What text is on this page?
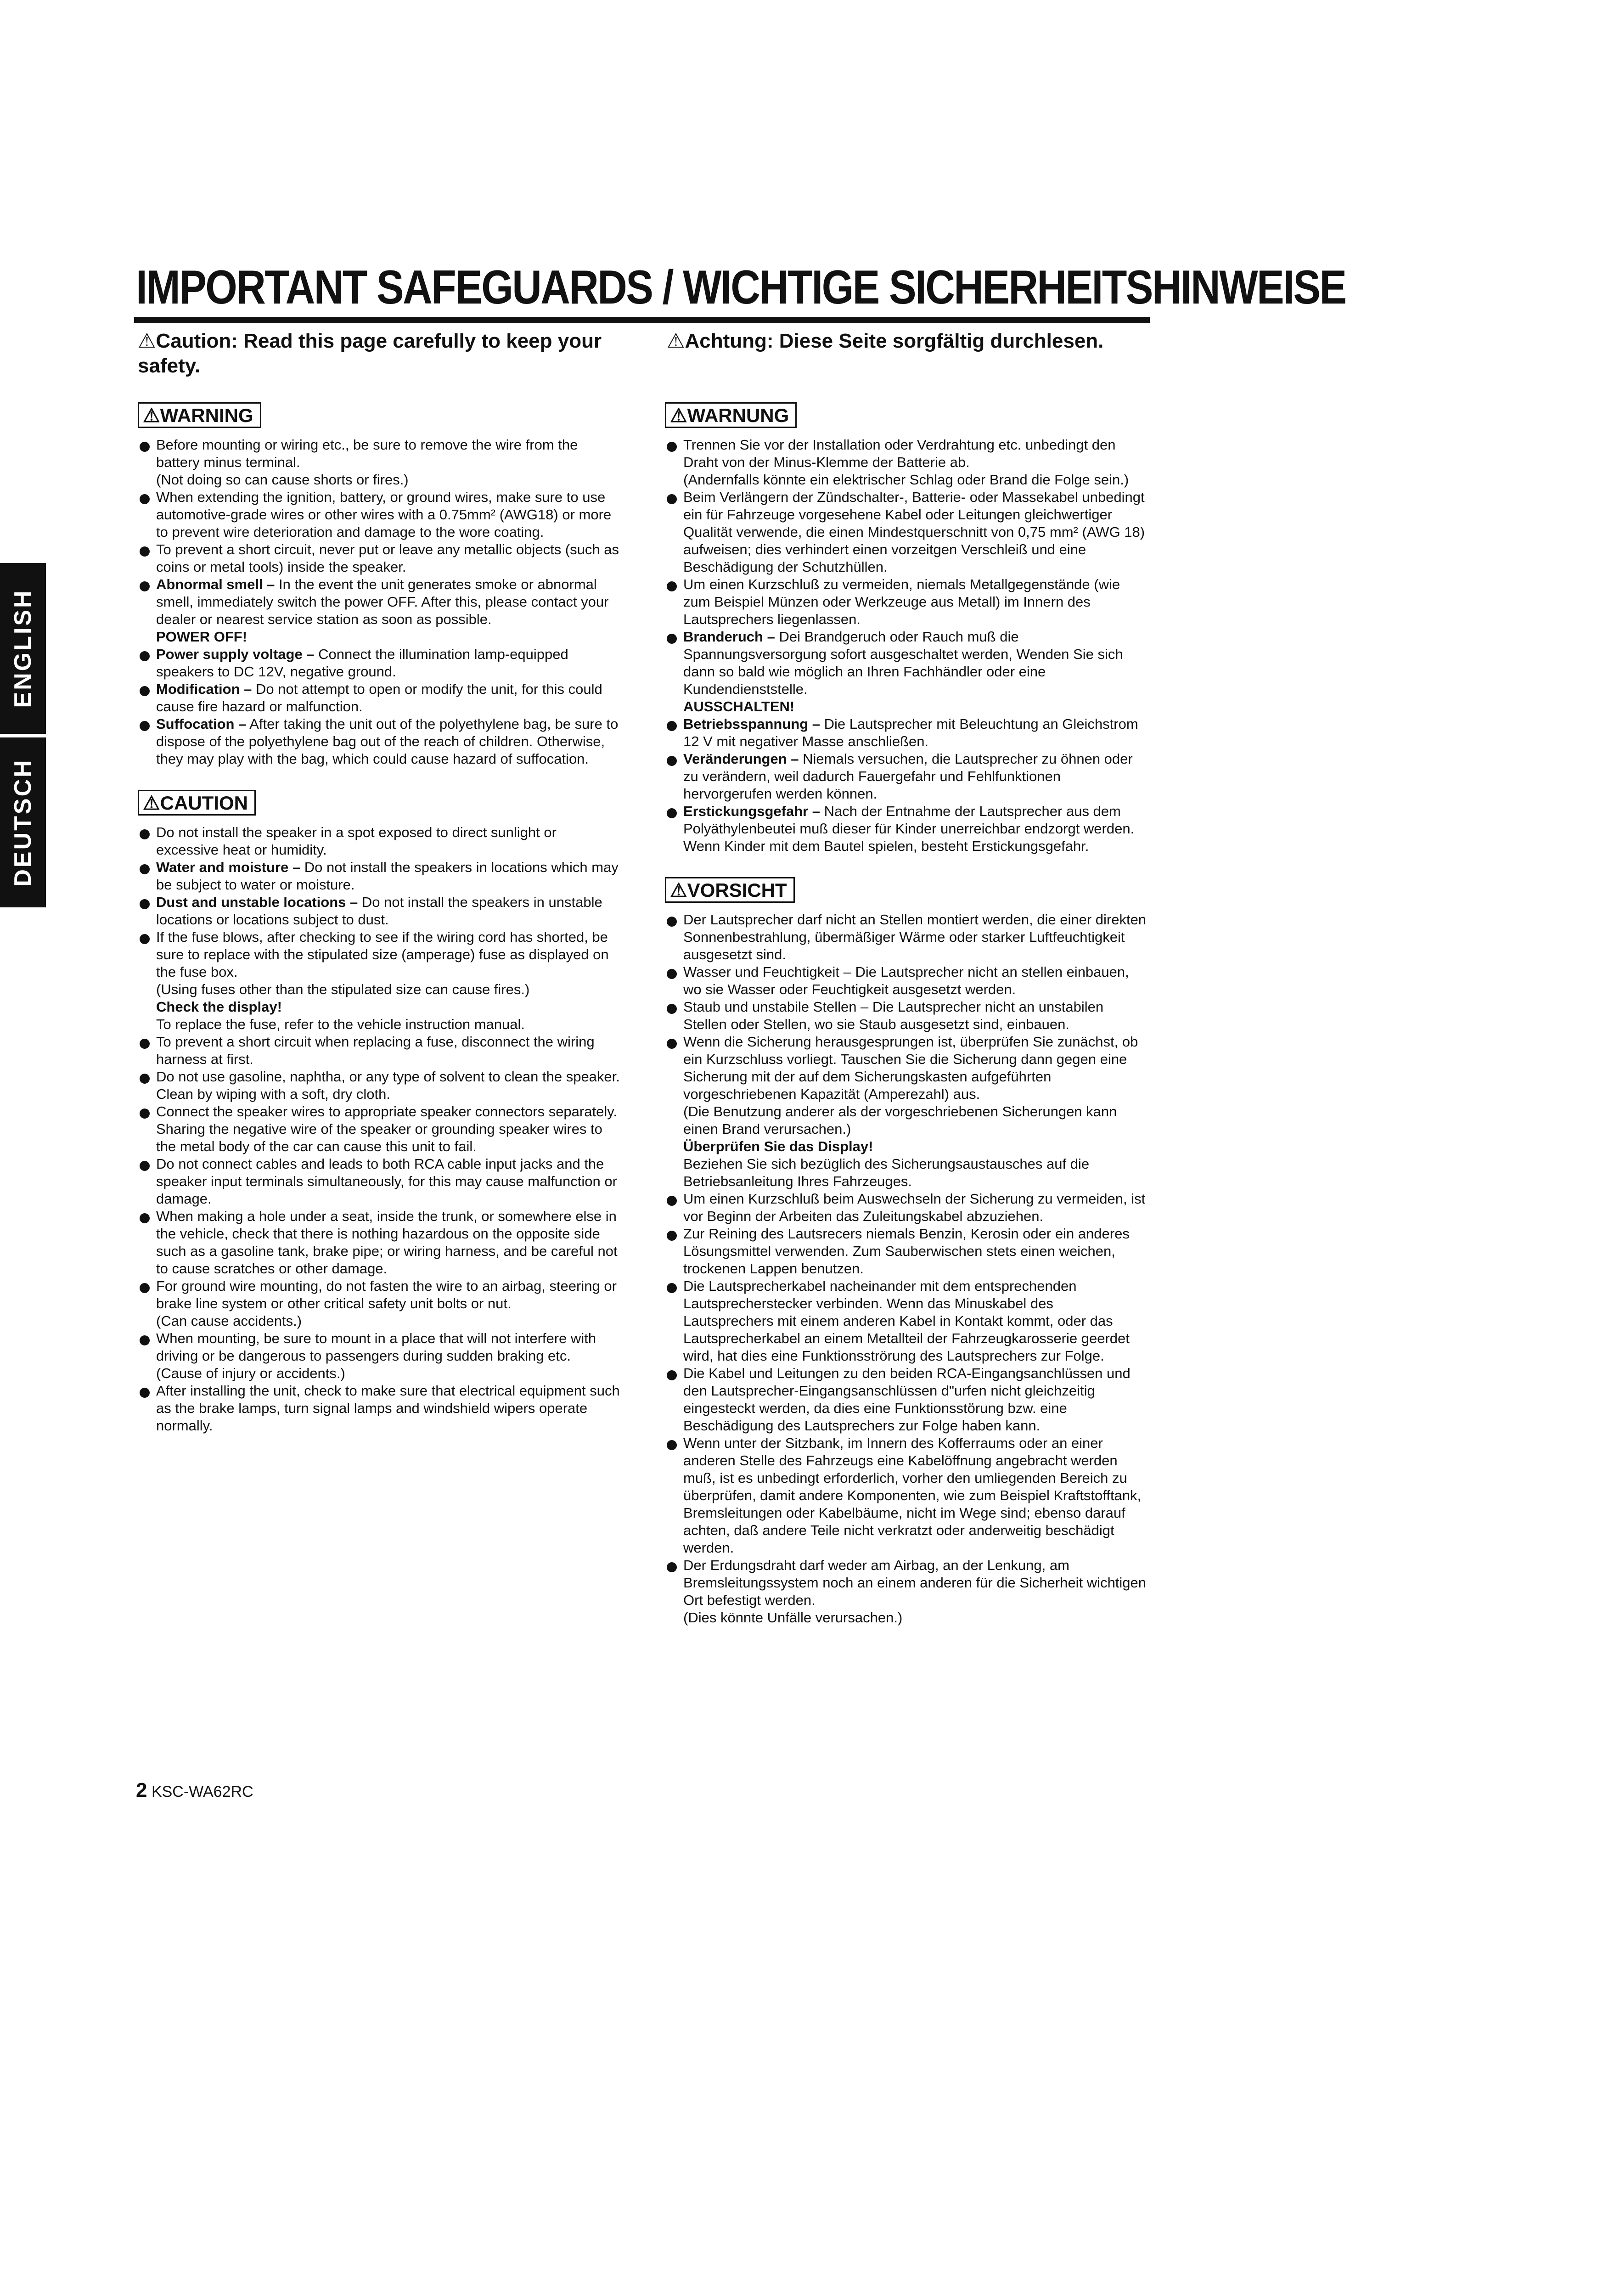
IMPORTANT SAFEGUARDS / WICHTIGE SICHERHEITSHINWEISE
ENGLISH
DEUTSCH
⚠Caution: Read this page carefully to keep your safety.
⚠Achtung: Diese Seite sorgfältig durchlesen.
⚠WARNING
Before mounting or wiring etc., be sure to remove the wire from the battery minus terminal.
(Not doing so can cause shorts or fires.)
When extending the ignition, battery, or ground wires, make sure to use automotive-grade wires or other wires with a 0.75mm² (AWG18) or more to prevent wire deterioration and damage to the wore coating.
To prevent a short circuit, never put or leave any metallic objects (such as coins or metal tools) inside the speaker.
Abnormal smell – In the event the unit generates smoke or abnormal smell, immediately switch the power OFF. After this, please contact your dealer or nearest service station as soon as possible.
POWER OFF!
Power supply voltage – Connect the illumination lamp-equipped speakers to DC 12V, negative ground.
Modification – Do not attempt to open or modify the unit, for this could cause fire hazard or malfunction.
Suffocation – After taking the unit out of the polyethylene bag, be sure to dispose of the polyethylene bag out of the reach of children. Otherwise, they may play with the bag, which could cause hazard of suffocation.
⚠CAUTION
Do not install the speaker in a spot exposed to direct sunlight or excessive heat or humidity.
Water and moisture – Do not install the speakers in locations which may be subject to water or moisture.
Dust and unstable locations – Do not install the speakers in unstable locations or locations subject to dust.
If the fuse blows, after checking to see if the wiring cord has shorted, be sure to replace with the stipulated size (amperage) fuse as displayed on the fuse box.
(Using fuses other than the stipulated size can cause fires.)
Check the display!
To replace the fuse, refer to the vehicle instruction manual.
To prevent a short circuit when replacing a fuse, disconnect the wiring harness at first.
Do not use gasoline, naphtha, or any type of solvent to clean the speaker. Clean by wiping with a soft, dry cloth.
Connect the speaker wires to appropriate speaker connectors separately. Sharing the negative wire of the speaker or grounding speaker wires to the metal body of the car can cause this unit to fail.
Do not connect cables and leads to both RCA cable input jacks and the speaker input terminals simultaneously, for this may cause malfunction or damage.
When making a hole under a seat, inside the trunk, or somewhere else in the vehicle, check that there is nothing hazardous on the opposite side such as a gasoline tank, brake pipe; or wiring harness, and be careful not to cause scratches or other damage.
For ground wire mounting, do not fasten the wire to an airbag, steering or brake line system or other critical safety unit bolts or nut.
(Can cause accidents.)
When mounting, be sure to mount in a place that will not interfere with driving or be dangerous to passengers during sudden braking etc.
(Cause of injury or accidents.)
After installing the unit, check to make sure that electrical equipment such as the brake lamps, turn signal lamps and windshield wipers operate normally.
⚠WARNUNG
Trennen Sie vor der Installation oder Verdrahtung etc. unbedingt den Draht von der Minus-Klemme der Batterie ab.
(Andernfalls könnte ein elektrischer Schlag oder Brand die Folge sein.)
Beim Verlängern der Zündschalter-, Batterie- oder Massekabel unbedingt ein für Fahrzeuge vorgesehene Kabel oder Leitungen gleichwertiger Qualität verwende, die einen Mindestquerschnitt von 0,75 mm² (AWG 18) aufweisen; dies verhindert einen vorzeitgen Verschleiß und eine Beschädigung der Schutzhüllen.
Um einen Kurzschluß zu vermeiden, niemals Metallgegenstände (wie zum Beispiel Münzen oder Werkzeuge aus Metall) im Innern des Lautsprechers liegenlassen.
Branderuch – Dei Brandgeruch oder Rauch muß die Spannungsversorgung sofort ausgeschaltet werden, Wenden Sie sich dann so bald wie möglich an Ihren Fachhändler oder eine Kundendienststelle.
AUSSCHALTEN!
Betriebsspannung – Die Lautsprecher mit Beleuchtung an Gleichstrom 12 V mit negativer Masse anschließen.
Veränderungen – Niemals versuchen, die Lautsprecher zu öhnen oder zu verändern, weil dadurch Fauergefahr und Fehlfunktionen hervorgerufen werden können.
Erstickungsgefahr – Nach der Entnahme der Lautsprecher aus dem Polyäthylenbeutei muß dieser für Kinder unerreichbar endzorgt werden. Wenn Kinder mit dem Bautel spielen, besteht Erstickungsgefahr.
⚠VORSICHT
Der Lautsprecher darf nicht an Stellen montiert werden, die einer direkten Sonnenbestrahlung, übermäßiger Wärme oder starker Luftfeuchtigkeit ausgesetzt sind.
Wasser und Feuchtigkeit – Die Lautsprecher nicht an stellen einbauen, wo sie Wasser oder Feuchtigkeit ausgesetzt werden.
Staub und unstabile Stellen – Die Lautsprecher nicht an unstabilen Stellen oder Stellen, wo sie Staub ausgesetzt sind, einbauen.
Wenn die Sicherung herausgesprungen ist, überprüfen Sie zunächst, ob ein Kurzschluss vorliegt. Tauschen Sie die Sicherung dann gegen eine Sicherung mit der auf dem Sicherungskasten aufgeführten vorgeschriebenen Kapazität (Amperezahl) aus.
(Die Benutzung anderer als der vorgeschriebenen Sicherungen kann einen Brand verursachen.)
Überprüfen Sie das Display!
Beziehen Sie sich bezüglich des Sicherungsaustausches auf die Betriebsanleitung Ihres Fahrzeuges.
Um einen Kurzschluß beim Auswechseln der Sicherung zu vermeiden, ist vor Beginn der Arbeiten das Zuleitungskabel abzuziehen.
Zur Reining des Lautsrecers niemals Benzin, Kerosin oder ein anderes Lösungsmittel verwenden. Zum Sauberwischen stets einen weichen, trockenen Lappen benutzen.
Die Lautsprecherkabel nacheinander mit dem entsprechenden Lautsprecherstecker verbinden. Wenn das Minuskabel des Lautsprechers mit einem anderen Kabel in Kontakt kommt, oder das Lautsprecherkabel an einem Metallteil der Fahrzeugkarosserie geerdet wird, hat dies eine Funktionsströrung des Lautsprechers zur Folge.
Die Kabel und Leitungen zu den beiden RCA-Eingangsanchlüssen und den Lautsprecher-Eingangsanschlüssen d"urfen nicht gleichzeitig eingesteckt werden, da dies eine Funktionsstörung bzw. eine Beschädigung des Lautsprechers zur Folge haben kann.
Wenn unter der Sitzbank, im Innern des Kofferraums oder an einer anderen Stelle des Fahrzeugs eine Kabelöffnung angebracht werden muß, ist es unbedingt erforderlich, vorher den umliegenden Bereich zu überprüfen, damit andere Komponenten, wie zum Beispiel Kraftstofftank, Bremsleitungen oder Kabelbäume, nicht im Wege sind; ebenso darauf achten, daß andere Teile nicht verkratzt oder anderweitig beschädigt werden.
Der Erdungsdraht darf weder am Airbag, an der Lenkung, am Bremsleitungssystem noch an einem anderen für die Sicherheit wichtigen Ort befestigt werden.
(Dies könnte Unfälle verursachen.)
2 KSC-WA62RC
